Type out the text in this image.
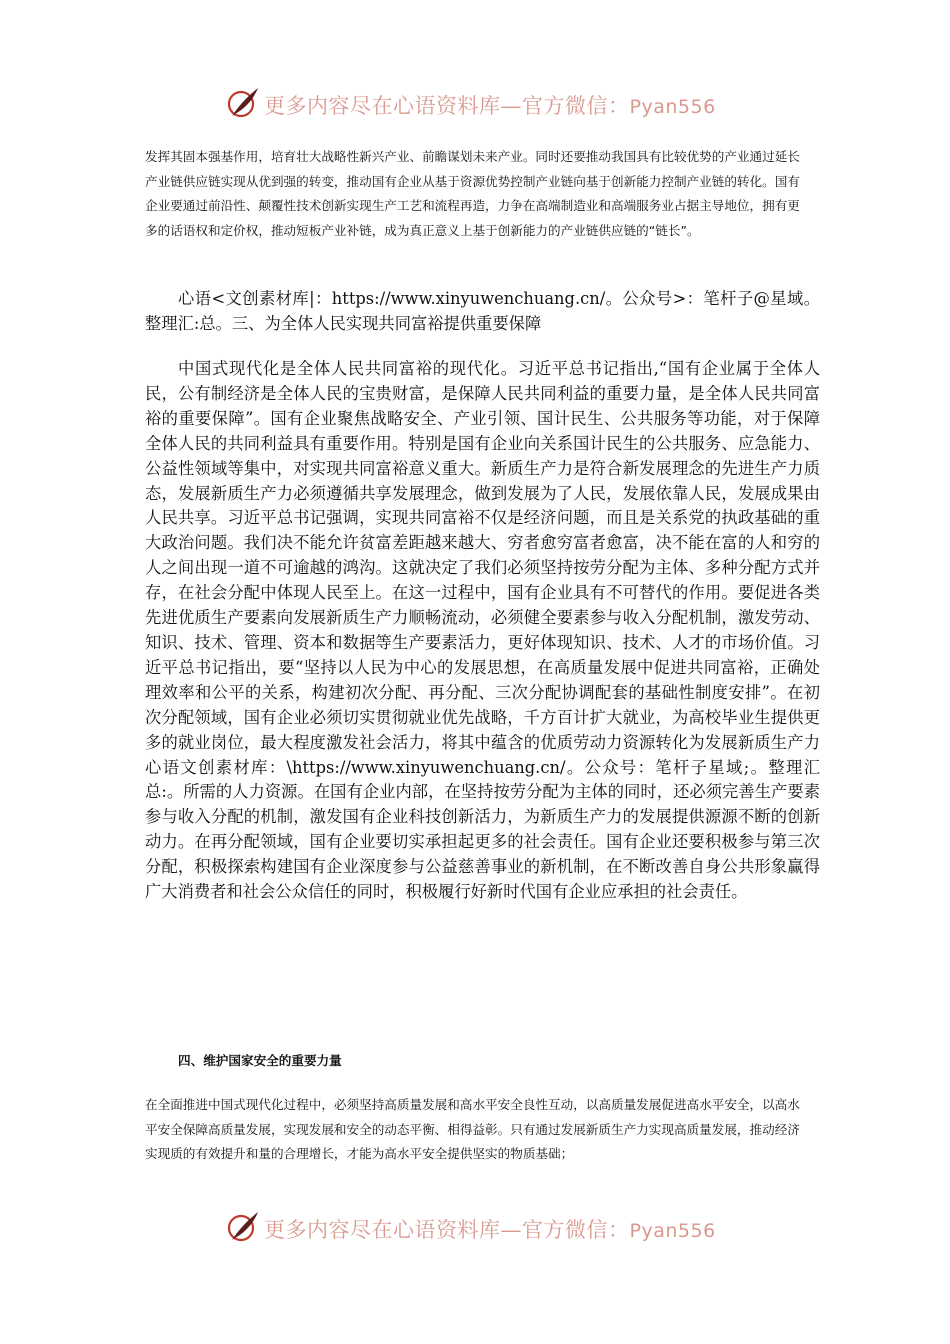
更多内容尽在心语资料库—官方微信：Pyan556

发挥其固本强基作用，培育壮大战略性新兴产业、前瞻谋划未来产业。同时还要推动我国具有比较优势的产业通过延长产业链供应链实现从优到强的转变，推动国有企业从基于资源优势控制产业链向基于创新能力控制产业链的转化。国有企业要通过前沿性、颠覆性技术创新实现生产工艺和流程再造，力争在高端制造业和高端服务业占据主导地位，拥有更多的话语权和定价权，推动短板产业补链，成为真正意义上基于创新能力的产业链供应链的“链长”。

心语<文创素材库|：https://www.xinyuwenchuang.cn/。公众号>：笔杆子@星域。整理汇:总。三、为全体人民实现共同富裕提供重要保障

中国式现代化是全体人民共同富裕的现代化。习近平总书记指出,“国有企业属于全体人民，公有制经济是全体人民的宝贵财富，是保障人民共同利益的重要力量，是全体人民共同富裕的重要保障”。国有企业聚焦战略安全、产业引领、国计民生、公共服务等功能，对于保障全体人民的共同利益具有重要作用。特别是国有企业向关系国计民生的公共服务、应急能力、公益性领域等集中，对实现共同富裕意义重大。新质生产力是符合新发展理念的先进生产力质态，发展新质生产力必须遵循共享发展理念，做到发展为了人民，发展依靠人民，发展成果由人民共享。习近平总书记强调，实现共同富裕不仅是经济问题，而且是关系党的执政基础的重大政治问题。我们决不能允许贫富差距越来越大、穷者愈穷富者愈富，决不能在富的人和穷的人之间出现一道不可逾越的鸿沟。这就决定了我们必须坚持按劳分配为主体、多种分配方式并存，在社会分配中体现人民至上。在这一过程中，国有企业具有不可替代的作用。要促进各类先进优质生产要素向发展新质生产力顺畅流动，必须健全要素参与收入分配机制，激发劳动、知识、技术、管理、资本和数据等生产要素活力，更好体现知识、技术、人才的市场价值。习近平总书记指出，要“坚持以人民为中心的发展思想，在高质量发展中促进共同富裕，正确处理效率和公平的关系，构建初次分配、再分配、三次分配协调配套的基础性制度安排”。在初次分配领域，国有企业必须切实贯彻就业优先战略，千方百计扩大就业，为高校毕业生提供更多的就业岗位，最大程度激发社会活力，将其中蕴含的优质劳动力资源转化为发展新质生产力心语文创素材库：\https://www.xinyuwenchuang.cn/。公众号：笔杆子星域;。整理汇总:。所需的人力资源。在国有企业内部，在坚持按劳分配为主体的同时，还必须完善生产要素参与收入分配的机制，激发国有企业科技创新活力，为新质生产力的发展提供源源不断的创新动力。在再分配领域，国有企业要切实承担起更多的社会责任。国有企业还要积极参与第三次分配，积极探索构建国有企业深度参与公益慈善事业的新机制，在不断改善自身公共形象赢得广大消费者和社会公众信任的同时，积极履行好新时代国有企业应承担的社会责任。

四、维护国家安全的重要力量

在全面推进中国式现代化过程中，必须坚持高质量发展和高水平安全良性互动，以高质量发展促进高水平安全，以高水平安全保障高质量发展，实现发展和安全的动态平衡、相得益彰。只有通过发展新质生产力实现高质量发展，推动经济实现质的有效提升和量的合理增长，才能为高水平安全提供坚实的物质基础；

更多内容尽在心语资料库—官方微信：Pyan556
